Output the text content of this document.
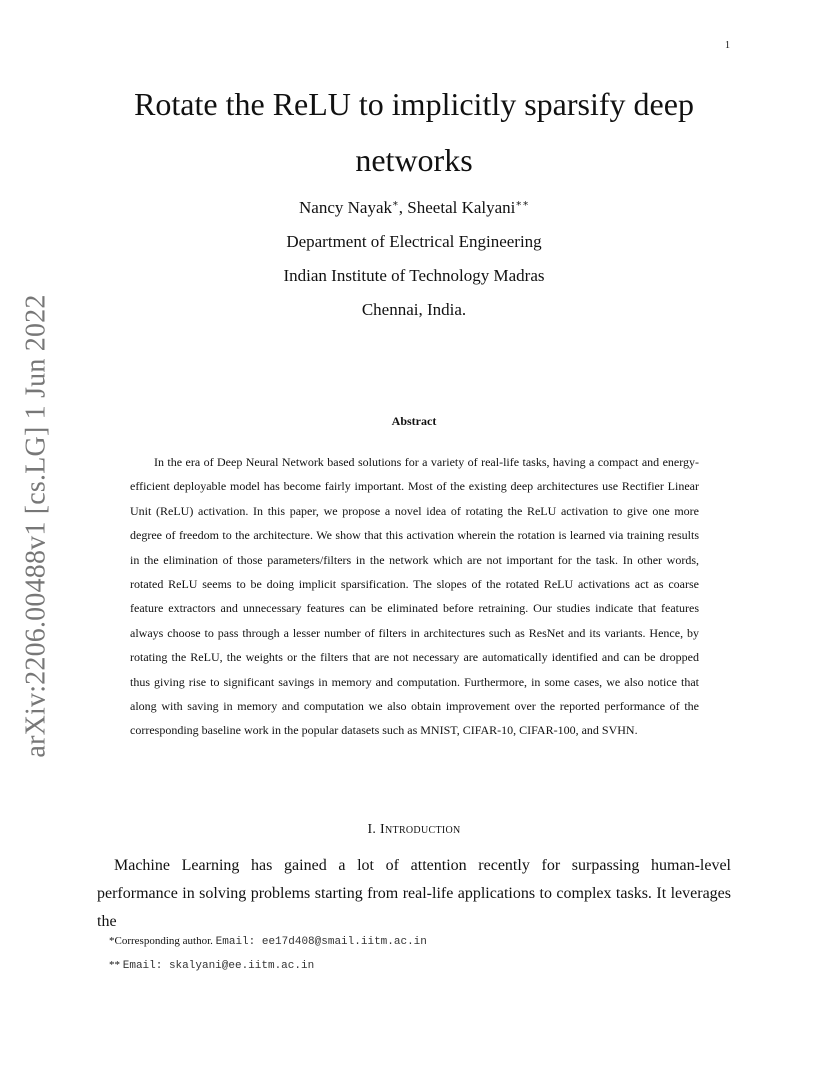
1
arXiv:2206.00488v1 [cs.LG] 1 Jun 2022
Rotate the ReLU to implicitly sparsify deep networks
Nancy Nayak∗, Sheetal Kalyani∗∗
Department of Electrical Engineering
Indian Institute of Technology Madras
Chennai, India.
Abstract

In the era of Deep Neural Network based solutions for a variety of real-life tasks, having a compact and energy-efficient deployable model has become fairly important. Most of the existing deep architectures use Rectifier Linear Unit (ReLU) activation. In this paper, we propose a novel idea of rotating the ReLU activation to give one more degree of freedom to the architecture. We show that this activation wherein the rotation is learned via training results in the elimination of those parameters/filters in the network which are not important for the task. In other words, rotated ReLU seems to be doing implicit sparsification. The slopes of the rotated ReLU activations act as coarse feature extractors and unnecessary features can be eliminated before retraining. Our studies indicate that features always choose to pass through a lesser number of filters in architectures such as ResNet and its variants. Hence, by rotating the ReLU, the weights or the filters that are not necessary are automatically identified and can be dropped thus giving rise to significant savings in memory and computation. Furthermore, in some cases, we also notice that along with saving in memory and computation we also obtain improvement over the reported performance of the corresponding baseline work in the popular datasets such as MNIST, CIFAR-10, CIFAR-100, and SVHN.

I. Introduction

Machine Learning has gained a lot of attention recently for surpassing human-level performance in solving problems starting from real-life applications to complex tasks. It leverages the

*Corresponding author. Email: ee17d408@smail.iitm.ac.in
** Email: skalyani@ee.iitm.ac.in
